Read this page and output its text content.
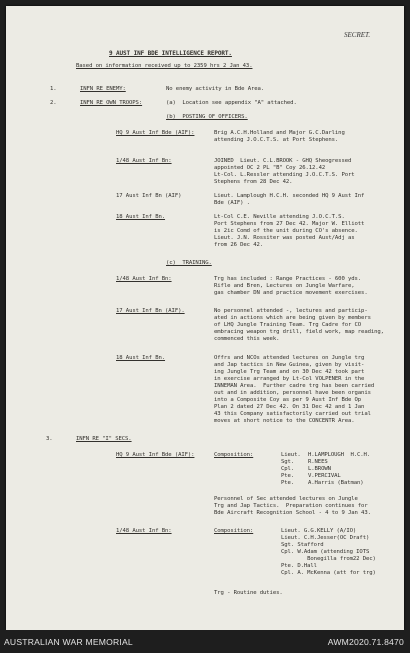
SECRET.
9 AUST INF BDE INTELLIGENCE REPORT.
Based on information received up to 2359 hrs 2 Jan 43.
1.	INFN RE ENEMY:	No enemy activity in Bde Area.
2.	INFN RE OWN TROOPS:	(a)  Location see appendix "A" attached.
(b)  POSTING OF OFFICERS.
HQ 9 Aust Inf Bde (AIF):	Brig A.C.H.Holland and Major G.C.Darling
attending J.O.C.T.S. at Port Stephens.
1/48 Aust Inf Bn:	JOINED  Lieut. C.L.BROOK - GHQ Sheogressed
appointed OC 2 PL "B" Coy 26.12.42
Lt-Col. L.Ressler attending J.O.C.T.S. Port
Stephens from 28 Dec 42.
17 Aust Inf Bn (AIF)	Lieut. Lamplough H.C.H. seconded HQ 9 Aust Inf
Bde (AIF) .
18 Aust Inf Bn.	Lt-Col C.E. Neville attending J.O.C.T.S.
Port Stephens from 27 Dec 42. Major W. Elliott
is 2ic Comd of the unit during CO's absence.
Lieut. J.N. Rossiter was posted Aust/Adj as
from 26 Dec 42.
(c)  TRAINING.
1/48 Aust Inf Bn:	Trg has included : Range Practices - 600 yds.
Rifle and Bren, Lectures on Jungle Warfare,
gas chamber DN and practice movement exercises.
17 Aust Inf Bn (AIF).	No personnel attended -, lectures and particip-
ated in actions which are being given by members
of LHQ Jungle Training Team. Trg Cadre for CO
embracing weapon trg drill, field work, map reading,
commenced this week.
18 Aust Inf Bn.	Offrs and NCOs attended lectures on Jungle trg
and Jap tactics in New Guinea, given by visit-
ing Jungle Trg Team and on 30 Dec 42 took part
in exercise arranged by Lt-Col VOLPENER in the
INNEMAN Area.  Further cadre trg has been carried
out and in addition, personnel have been organis
into a Composite Coy as per 9 Aust Inf Bde Op
Plan 2 dated 27 Dec 42. On 31 Dec 42 and 1 Jan
43 this Company satisfactorily carried out trial
moves at short notice to the CONCENTR Area.
3.	INFN RE "I" SECS.
HQ 9 Aust Inf Bde (AIF):	Composition:	Lieut. H.LAMPLOUGH  H.C.H.
Sgt. R.NEES
Cpl. L.BROWN
Pte. V.PERCIVAL
Pte. A.Harris (Batman)
Personnel of Sec attended lectures on Jungle
Trg and Jap Tactics.  Preparation continues for
Bde Aircraft Recognition School - 4 to 9 Jan 43.
1/48 Aust Inf Bn:	Composition:	Lieut. G.G.KELLY (A/IO)
Lieut. C.H.Jesser(OC Draft)
Sgt. Stafford
Cpl. W.Adam (attending IOTS
Bonegilla from22 Dec)
Pte. D.Hall
Cpl. A. McKenna (att for trg)
Trg - Routine duties.
AUSTRALIAN WAR MEMORIAL	AWM2020.71.8470
